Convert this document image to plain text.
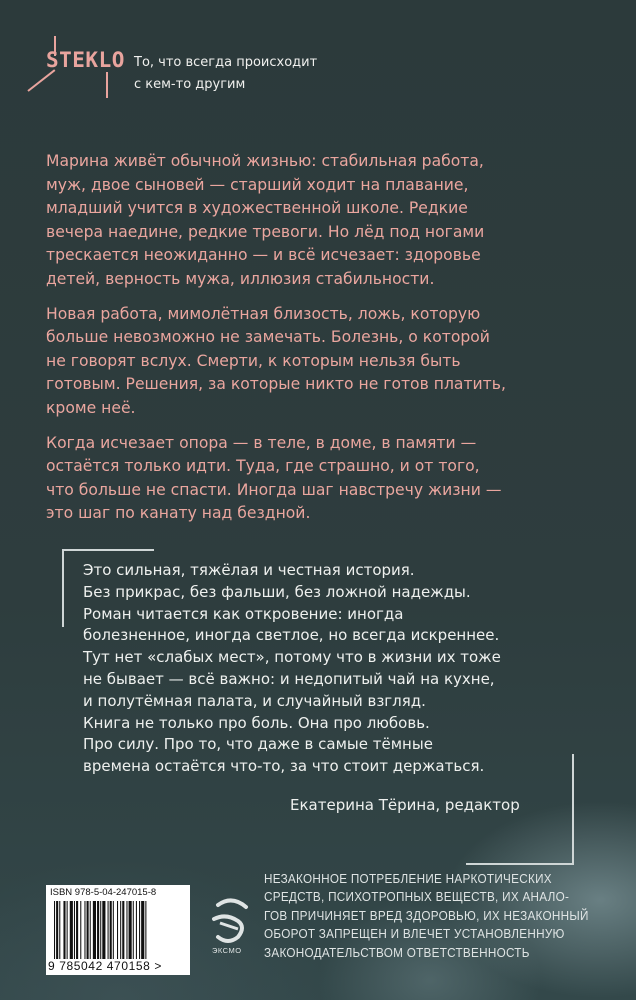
STEKLO То, что всегда происходит
с кем-то другим

Марина живёт обычной жизнью: стабильная работа,
муж, двое сыновей — старший ходит на плавание,
младший учится в художественной школе. Редкие
вечера наедине, редкие тревоги. Но лёд под ногами
трескается неожиданно — и всё исчезает: здоровье
детей, верность мужа, иллюзия стабильности.

Новая работа, мимолётная близость, ложь, которую
больше невозможно не замечать. Болезнь, о которой
не говорят вслух. Смерти, к которым нельзя быть
готовым. Решения, за которые никто не готов платить,
кроме неё.

Когда исчезает опора — в теле, в доме, в памяти —
остаётся только идти. Туда, где страшно, и от того,
что больше не спасти. Иногда шаг навстречу жизни —
это шаг по канату над бездной.

Это сильная, тяжёлая и честная история.
Без прикрас, без фальши, без ложной надежды.
Роман читается как откровение: иногда
болезненное, иногда светлое, но всегда искреннее.
Тут нет «слабых мест», потому что в жизни их тоже
не бывает — всё важно: и недопитый чай на кухне,
и полутёмная палата, и случайный взгляд.
Книга не только про боль. Она про любовь.
Про силу. Про то, что даже в самые тёмные
времена остаётся что-то, за что стоит держаться.
Екатерина Тёрина, редактор
ISBN 978-5-04-247015-8
9 785042 470158 >
ЭКСМО
НЕЗАКОННОЕ ПОТРЕБЛЕНИЕ НАРКОТИЧЕСКИХ
СРЕДСТВ, ПСИХОТРОПНЫХ ВЕЩЕСТВ, ИХ АНАЛО-
ГОВ ПРИЧИНЯЕТ ВРЕД ЗДОРОВЬЮ, ИХ НЕЗАКОННЫЙ
ОБОРОТ ЗАПРЕЩЕН И ВЛЕЧЕТ УСТАНОВЛЕННУЮ
ЗАКОНОДАТЕЛЬСТВОМ ОТВЕТСТВЕННОСТЬ
